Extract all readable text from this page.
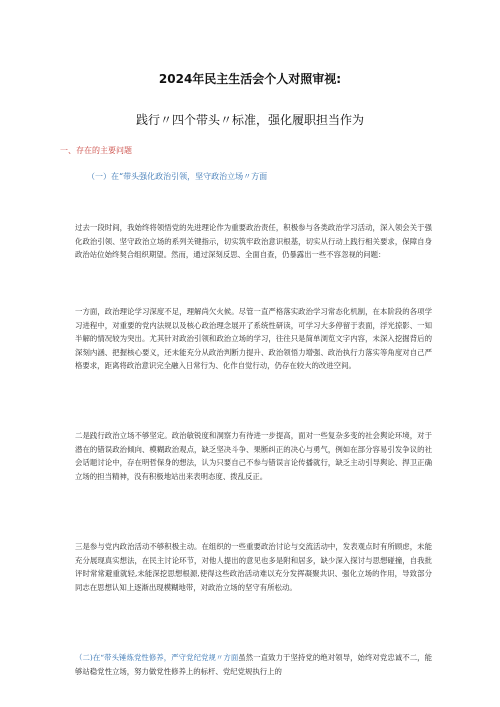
2024年民主生活会个人对照审视:
践行〃四个带头〃标准，强化履职担当作为
一、存在的主要问题
（一）在“带头强化政治引领，坚守政治立场〃方面

过去一段时间，我始终将领悟党的先进理论作为重要政治责任，积极参与各类政治学习活动，深入领会关于强化政治引领、坚守政治立场的系列关键指示，切实筑牢政治意识根基，切实从行动上践行相关要求，保障自身政治站位始终契合组织期望。然而，通过深刻反思、全面自查，仍暴露出一些不容忽视的问题：

一方面，政治理论学习深度不足，理解尚欠火候。尽管一直严格落实政治学习常态化机制，在本阶段的各项学习进程中，对重要的党内法规以及核心政治理念展开了系统性研读，可学习大多停留于表面，浮光掠影、一知半解的情况较为突出。尤其针对政治引领和政治立场的学习，往往只是简单浏览文字内容，未深入挖掘背后的深刻内涵、把握核心要义，还未能充分从政治判断力提升、政治领悟力增强、政治执行力落实等角度对自己严格要求，距离将政治意识完全融入日常行为、化作自觉行动，仍存在较大的改进空间。

二是践行政治立场不够坚定。政治敏锐度和洞察力有待进一步提高，面对一些复杂多变的社会舆论环境，对于潜在的错误政治倾向、模糊政治观点，缺乏坚决斗争、果断纠正的决心与勇气，例如在部分容易引发争议的社会话题讨论中，存在明哲保身的想法，认为只要自己不参与错误言论传播就行，缺乏主动引导舆论、捍卫正确立场的担当精神，没有积极地站出来表明态度、拨乱反正。

三是参与党内政治活动不够积极主动。在组织的一些重要政治讨论与交流活动中，发表观点时有所顾虑，未能充分展现真实想法，在民主讨论环节，对他人提出的意见也多是附和居多，缺少深入探讨与思想碰撞，自我批评时常常避重就轻,未能深挖思想根源,使得这些政治活动难以充分发挥凝聚共识、强化立场的作用，导致部分同志在思想认知上逐渐出现模糊地带，对政治立场的坚守有所松动。

（二)在“带头锤炼党性修养，严守党纪党规〃方面虽然一直致力于坚持党的绝对领导，始终对党忠诚不二，能够站稳党性立场，努力做党性修养上的标杆、党纪党规执行上的
